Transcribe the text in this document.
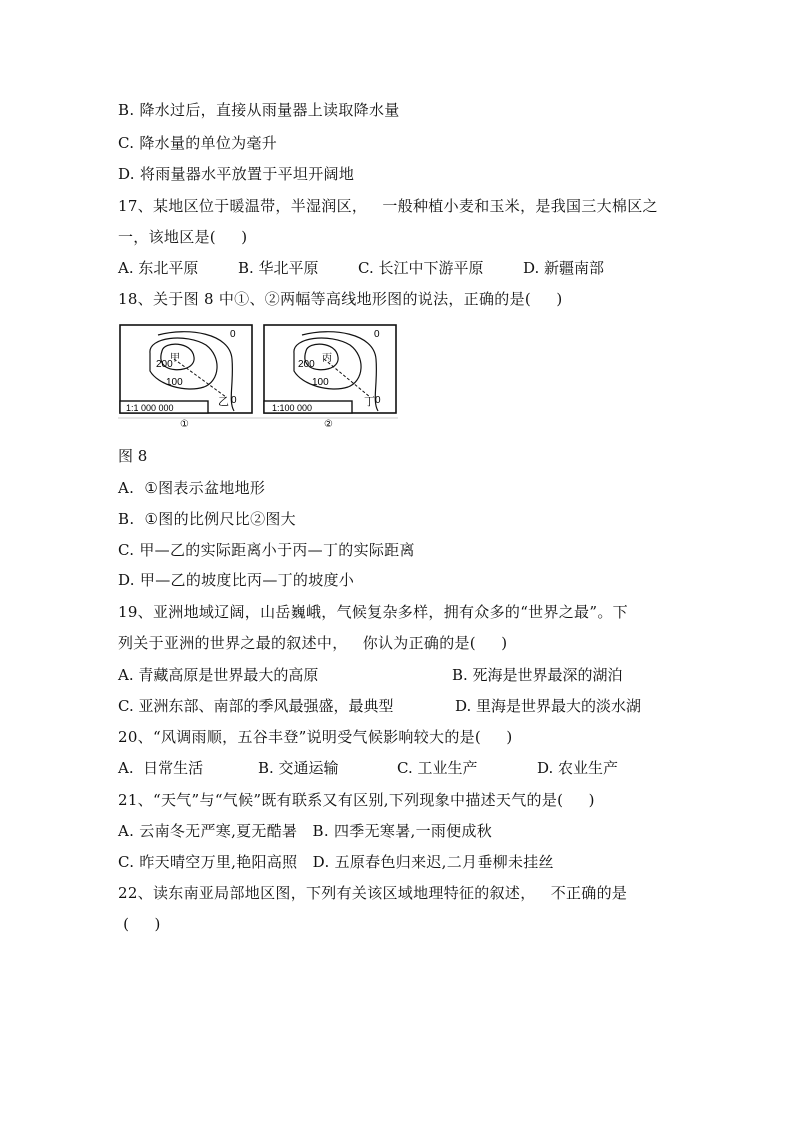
B. 降水过后，直接从雨量器上读取降水量
C. 降水量的单位为毫升
D. 将雨量器水平放置于平坦开阔地
17、某地区位于暖温带，半湿润区，   一般种植小麦和玉米，是我国三大棉区之
一，该地区是(     )

A. 东北平原

	B. 华北平原

	C. 长江中下游平原

	D. 新疆南部

18、关于图 8 中①、②两幅等高线地形图的说法，正确的是(     )
0
200
100
甲
乙 0
1:1 000 000
①
0
200
100
丙
丁 0
1:100 000
②
图 8
A.  ①图表示盆地地形
B.  ①图的比例尺比②图大
C. 甲—乙的实际距离小于丙—丁的实际距离
D. 甲—乙的坡度比丙—丁的坡度小
19、亚洲地域辽阔，山岳巍峨，气候复杂多样，拥有众多的“世界之最”。下
列关于亚洲的世界之最的叙述中，   你认为正确的是(     )

A. 青藏高原是世界最大的高原

	B. 死海是世界最深的湖泊

C. 亚洲东部、南部的季风最强盛，最典型

	D. 里海是世界最大的淡水湖

20、“风调雨顺，五谷丰登”说明受气候影响较大的是(     )

A.  日常生活

	B. 交通运输

	C. 工业生产

	D. 农业生产

21、“天气”与“气候”既有联系又有区别,下列现象中描述天气的是(     )
A. 云南冬无严寒,夏无酷暑   B. 四季无寒暑,一雨便成秋
C. 昨天晴空万里,艳阳高照   D. 五原春色归来迟,二月垂柳未挂丝
22、读东南亚局部地区图，下列有关该区域地理特征的叙述，   不正确的是
(     )
